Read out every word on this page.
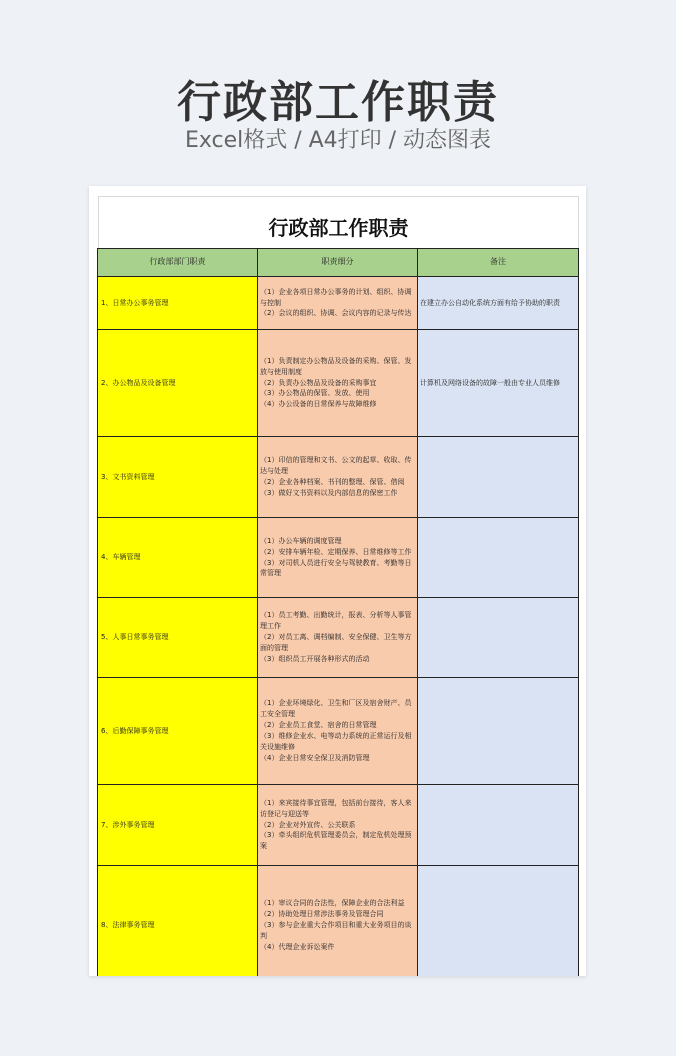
行政部工作职责
Excel格式 / A4打印 / 动态图表
行政部工作职责
行政部部门职责	职责细分	备注
1、日常办公事务管理	（1）企业各项日常办公事务的计划、组织、协调与控制
（2）会议的组织、协调、会议内容的记录与传达	在建立办公自动化系统方面有给予协助的职责
2、办公物品及设备管理	（1）负责制定办公物品及设备的采购、保管、发放与使用制度
（2）负责办公物品及设备的采购事宜
（3）办公物品的保管、发放、使用
（4）办公设备的日常保养与故障维修	计算机及网络设备的故障一般由专业人员维修
3、文书资料管理	（1）印信的管理和文书、公文的起草、收取、传达与处理
（2）企业各种档案、书刊的整理、保管、借阅
（3）做好文书资料以及内部信息的保密工作	

4、车辆管理	（1）办公车辆的调度管理
（2）安排车辆年检、定期保养、日常维修等工作
（3）对司机人员进行安全与驾驶教育、考勤等日常管理	

5、人事日常事务管理	（1）员工考勤、出勤统计，报表、分析等人事管理工作
（2）对员工离、调档编制、安全保健、卫生等方面的管理
（3）组织员工开展各种形式的活动	

6、后勤保障事务管理	（1）企业环境绿化、卫生和厂区及宿舍财产、员工安全管理
（2）企业员工食堂、宿舍的日常管理
（3）维修企业水、电等动力系统的正常运行及相关设施维修
（4）企业日常安全保卫及消防管理	

7、涉外事务管理	（1）来宾接待事宜管理，包括前台接待，客人来访登记与迎送等
（2）企业对外宣传、公关联系
（3）牵头组织危机管理委员会，制定危机处理预案	

8、法律事务管理	（1）审议合同的合法性，保障企业的合法利益
（2）协助处理日常涉法事务及管理合同
（3）参与企业重大合作项目和重大业务项目的谈判
（4）代理企业诉讼案件	
